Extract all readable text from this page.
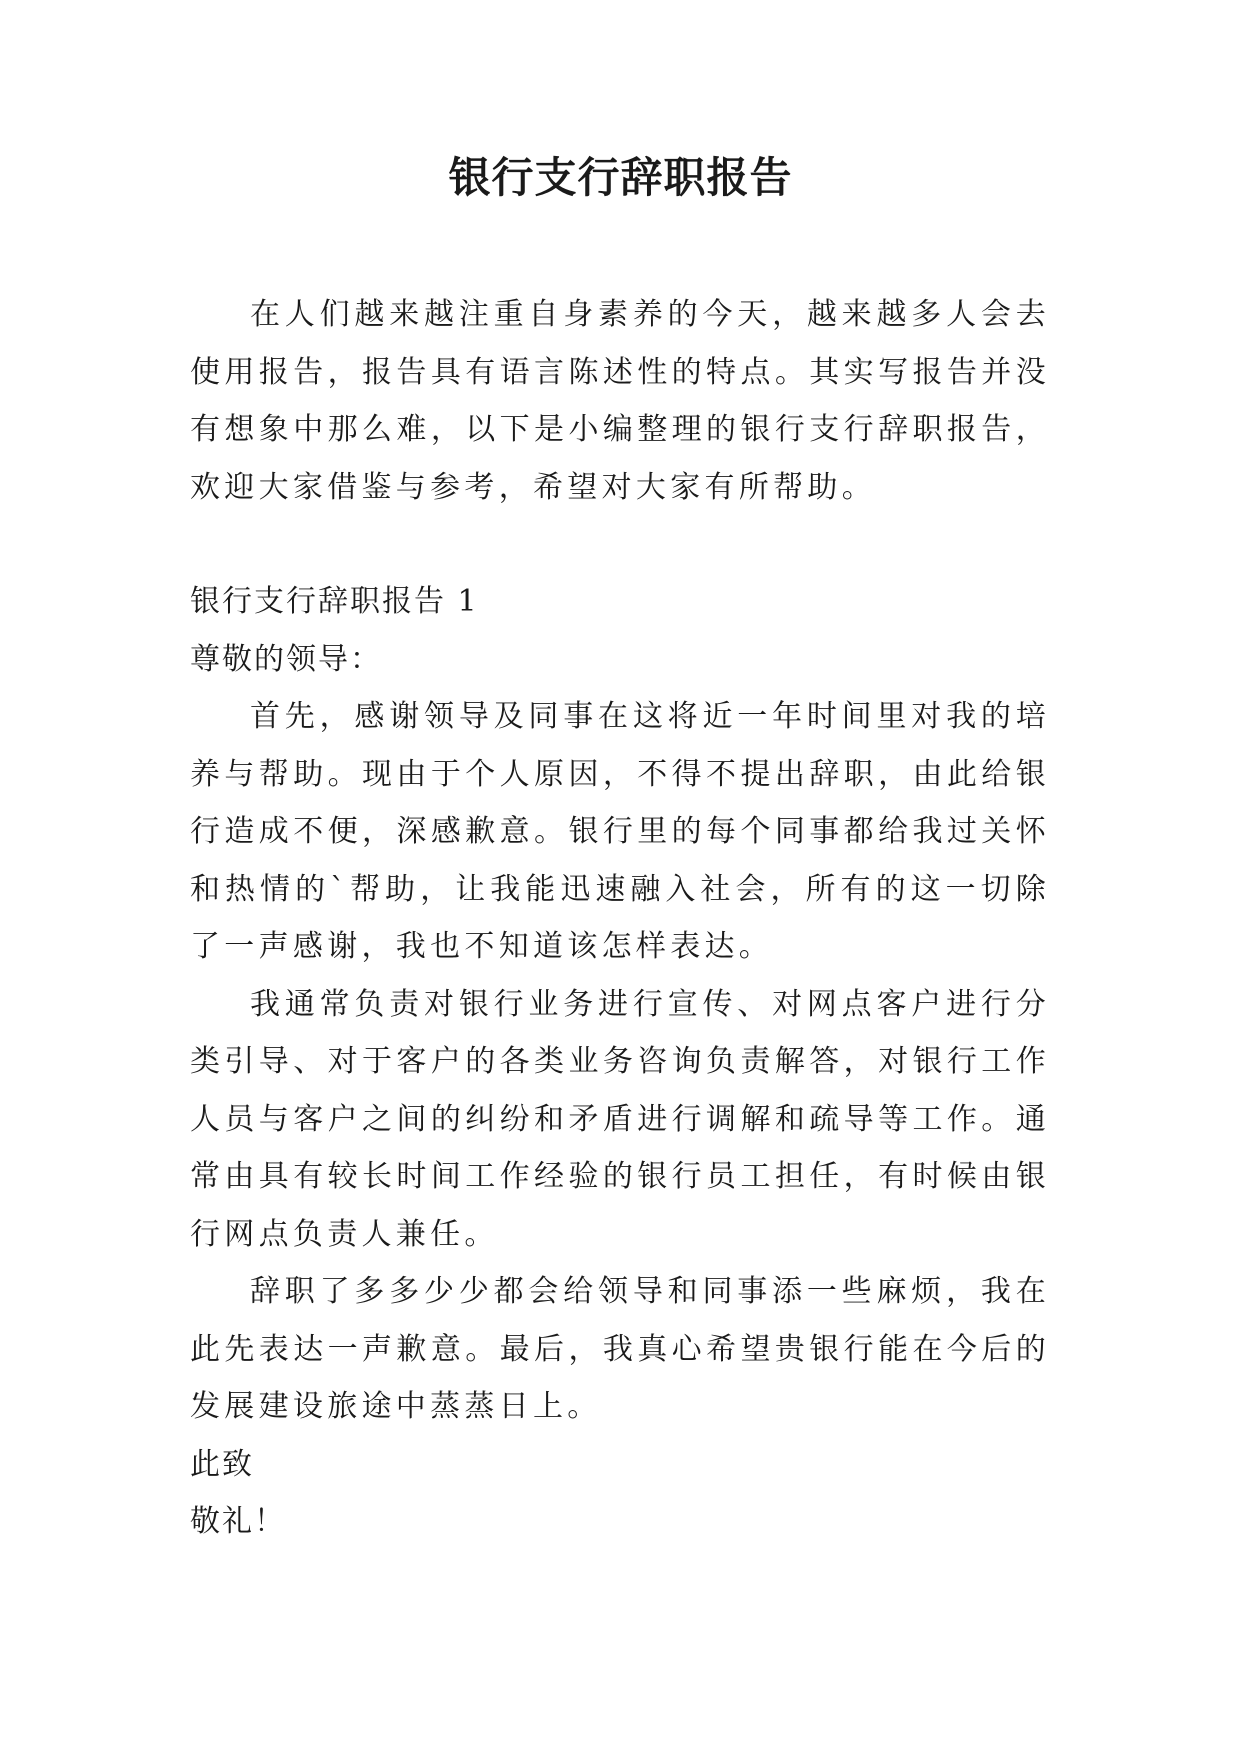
银行支行辞职报告

在人们越来越注重自身素养的今天，越来越多人会去使用报告，报告具有语言陈述性的特点。其实写报告并没有想象中那么难，以下是小编整理的银行支行辞职报告，欢迎大家借鉴与参考，希望对大家有所帮助。

银行支行辞职报告 1

尊敬的领导：

首先，感谢领导及同事在这将近一年时间里对我的培养与帮助。现由于个人原因，不得不提出辞职，由此给银行造成不便，深感歉意。银行里的每个同事都给我过关怀和热情的`帮助，让我能迅速融入社会，所有的这一切除了一声感谢，我也不知道该怎样表达。

我通常负责对银行业务进行宣传、对网点客户进行分类引导、对于客户的各类业务咨询负责解答，对银行工作人员与客户之间的纠纷和矛盾进行调解和疏导等工作。通常由具有较长时间工作经验的银行员工担任，有时候由银行网点负责人兼任。

辞职了多多少少都会给领导和同事添一些麻烦，我在此先表达一声歉意。最后，我真心希望贵银行能在今后的发展建设旅途中蒸蒸日上。

此致

敬礼！
